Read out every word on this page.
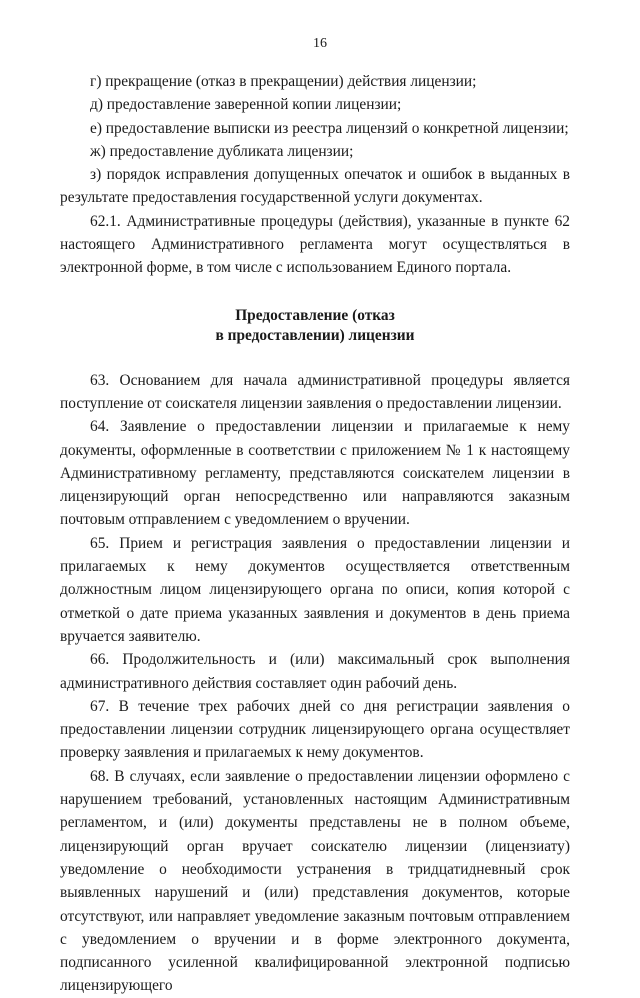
16

г) прекращение (отказ в прекращении) действия лицензии;

д) предоставление заверенной копии лицензии;

е) предоставление выписки из реестра лицензий о конкретной лицензии;

ж) предоставление дубликата лицензии;

з) порядок исправления допущенных опечаток и ошибок в выданных в результате предоставления государственной услуги документах.

62.1. Административные процедуры (действия), указанные в пункте 62 настоящего Административного регламента могут осуществляться в электронной форме, в том числе с использованием Единого портала.

Предоставление (отказ
в предоставлении) лицензии

63. Основанием для начала административной процедуры является поступление от соискателя лицензии заявления о предоставлении лицензии.

64. Заявление о предоставлении лицензии и прилагаемые к нему документы, оформленные в соответствии с приложением № 1 к настоящему Административному регламенту, представляются соискателем лицензии в лицензирующий орган непосредственно или направляются заказным почтовым отправлением с уведомлением о вручении.

65. Прием и регистрация заявления о предоставлении лицензии и прилагаемых к нему документов осуществляется ответственным должностным лицом лицензирующего органа по описи, копия которой с отметкой о дате приема указанных заявления и документов в день приема вручается заявителю.

66. Продолжительность и (или) максимальный срок выполнения административного действия составляет один рабочий день.

67. В течение трех рабочих дней со дня регистрации заявления о предоставлении лицензии сотрудник лицензирующего органа осуществляет проверку заявления и прилагаемых к нему документов.

68. В случаях, если заявление о предоставлении лицензии оформлено с нарушением требований, установленных настоящим Административным регламентом, и (или) документы представлены не в полном объеме, лицензирующий орган вручает соискателю лицензии (лицензиату) уведомление о необходимости устранения в тридцатидневный срок выявленных нарушений и (или) представления документов, которые отсутствуют, или направляет уведомление заказным почтовым отправлением с уведомлением о вручении и в форме электронного документа, подписанного усиленной квалифицированной электронной подписью лицензирующего
